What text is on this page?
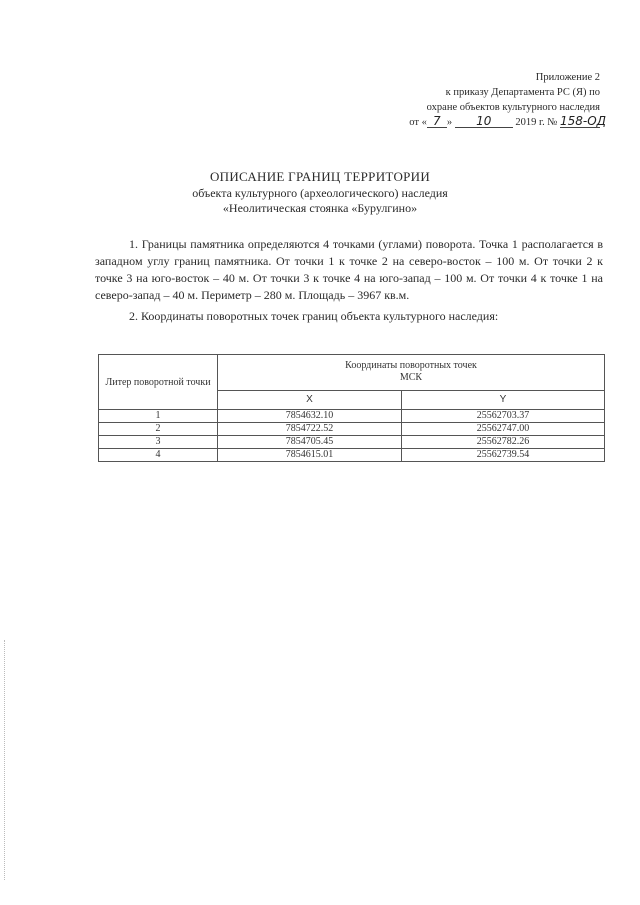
Приложение 2
к приказу Департамента РС (Я) по
охране объектов культурного наследия
от « 7 » 10 2019 г. № 158-ОД
ОПИСАНИЕ ГРАНИЦ ТЕРРИТОРИИ
объекта культурного (археологического) наследия
«Неолитическая стоянка «Бурулгино»

1. Границы памятника определяются 4 точками (углами) поворота. Точка 1 располагается в западном углу границ памятника. От точки 1 к точке 2 на северо-восток – 100 м. От точки 2 к точке 3 на юго-восток – 40 м. От точки 3 к точке 4 на юго-запад – 100 м. От точки 4 к точке 1 на северо-запад – 40 м. Периметр – 280 м. Площадь – 3967 кв.м.

2. Координаты поворотных точек границ объекта культурного наследия:

Литер поворотной точки	Координаты поворотных точек
МСК	

	X	Y
1	7854632.10	25562703.37
2	7854722.52	25562747.00
3	7854705.45	25562782.26
4	7854615.01	25562739.54
